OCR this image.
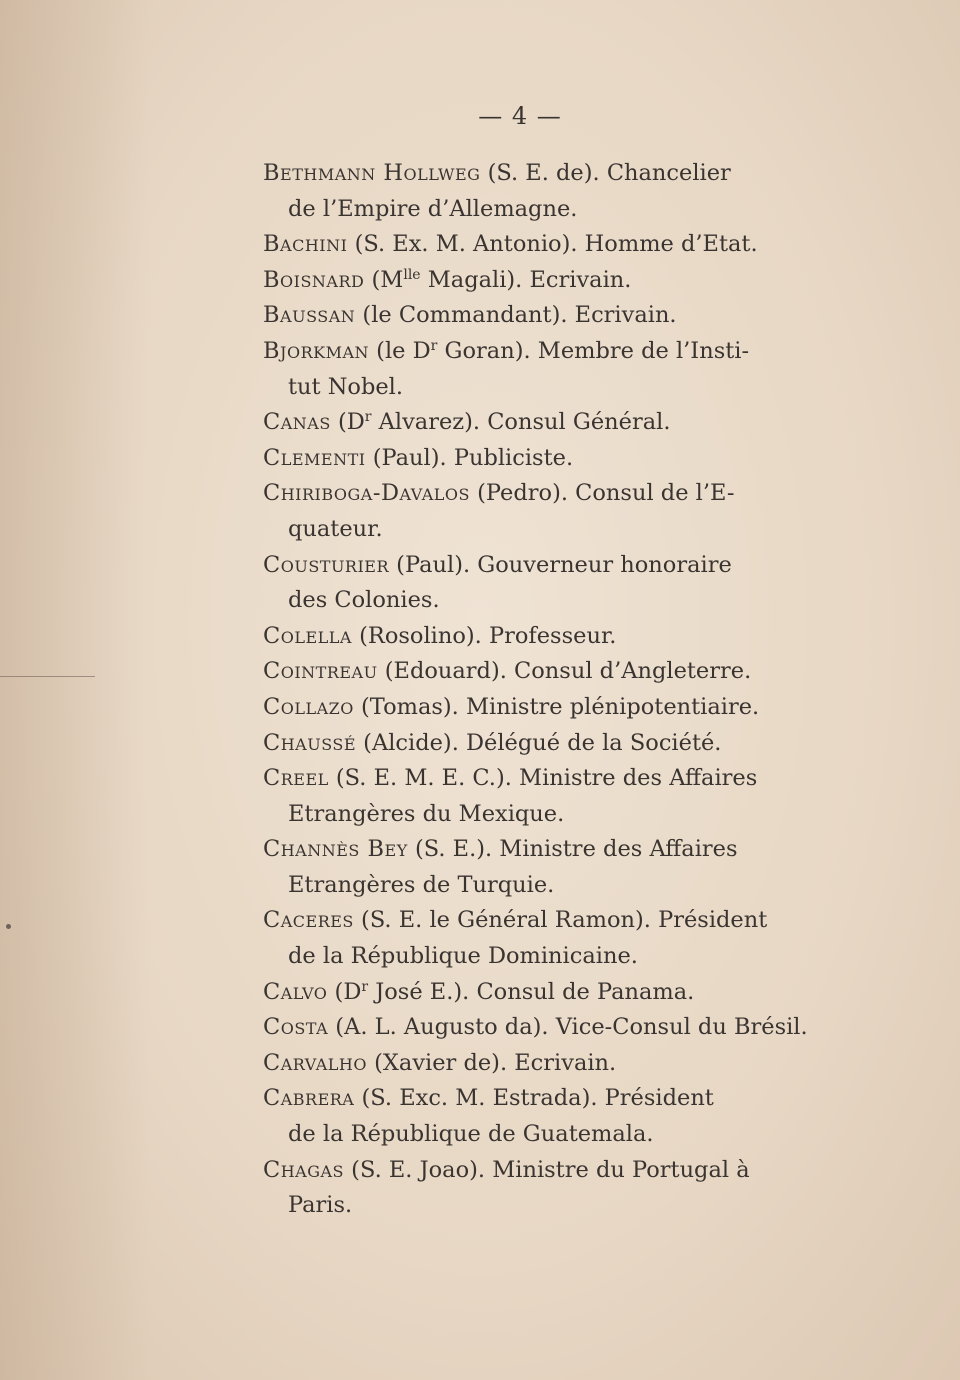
— 4 —
Bethmann Hollweg (S. E. de). Chancelier
de l’Empire d’Allemagne.
Bachini (S. Ex. M. Antonio). Homme d’Etat.
Boisnard ($M^{lle}$ Magali). Ecrivain.
Baussan (le Commandant). Ecrivain.
Bjorkman (le $D^r$ Goran). Membre de l’Insti-
tut Nobel.
Canas ($D^r$ Alvarez). Consul Général.
Clementi (Paul). Publiciste.
Chiriboga-Davalos (Pedro). Consul de l’E-
quateur.
Cousturier (Paul). Gouverneur honoraire
des Colonies.
Colella (Rosolino). Professeur.
Cointreau (Edouard). Consul d’Angleterre.
Collazo (Tomas). Ministre plénipotentiaire.
Chaussé (Alcide). Délégué de la Société.
Creel (S. E. M. E. C.). Ministre des Affaires
Etrangères du Mexique.
Channès Bey (S. E.). Ministre des Affaires
Etrangères de Turquie.
Caceres (S. E. le Général Ramon). Président
de la République Dominicaine.
Calvo ($D^r$ José E.). Consul de Panama.
Costa (A. L. Augusto da). Vice-Consul du Brésil.
Carvalho (Xavier de). Ecrivain.
Cabrera (S. Exc. M. Estrada). Président
de la République de Guatemala.
Chagas (S. E. Joao). Ministre du Portugal à
Paris.
